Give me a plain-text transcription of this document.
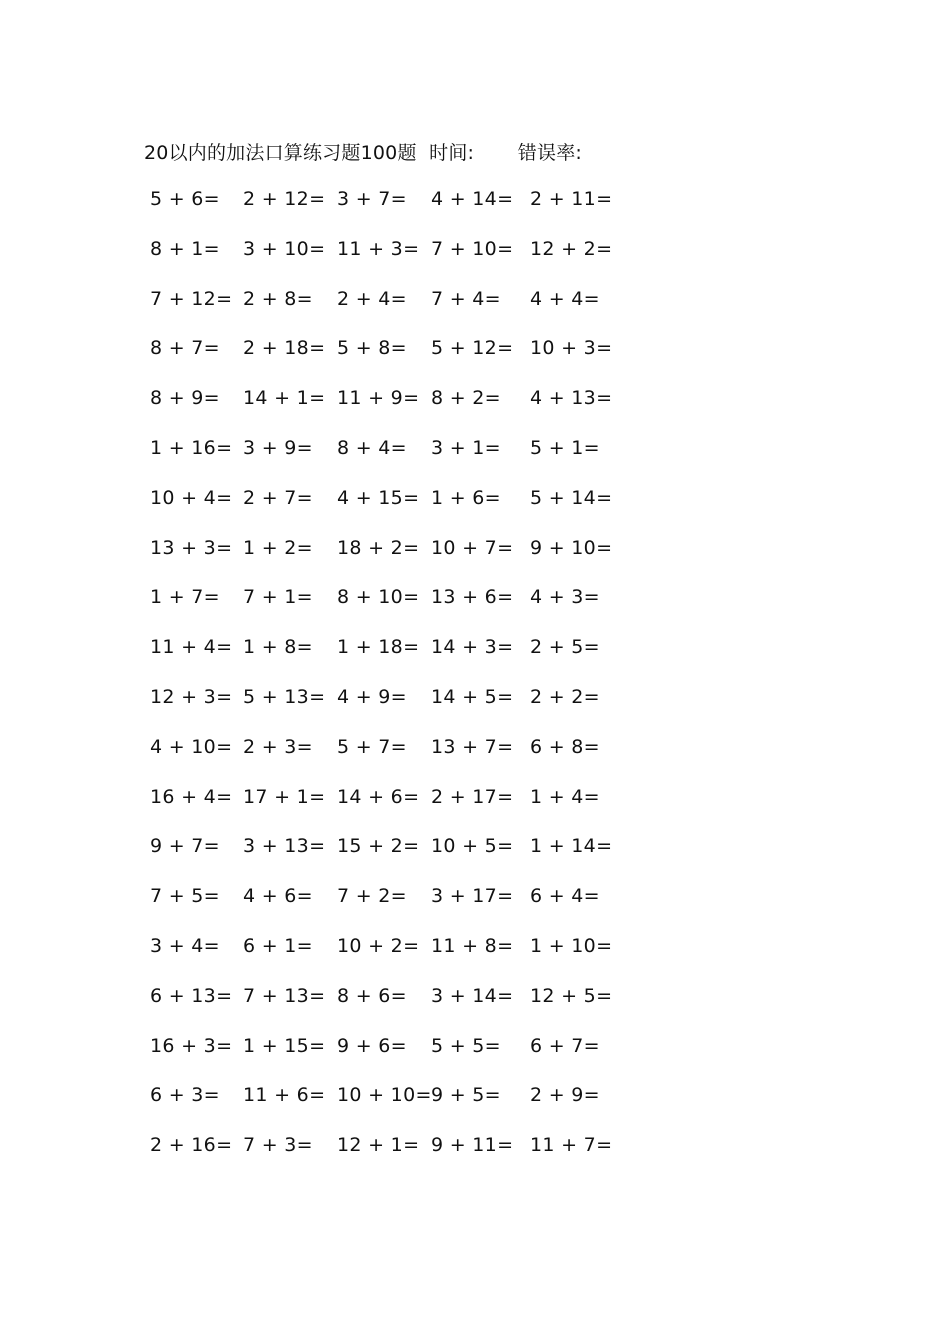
20以内的加法口算练习题100题  时间:       错误率:
5 + 6= 2 + 12= 3 + 7= 4 + 14= 2 + 11=
8 + 1= 3 + 10= 11 + 3= 7 + 10= 12 + 2=
7 + 12= 2 + 8= 2 + 4= 7 + 4= 4 + 4=
8 + 7= 2 + 18= 5 + 8= 5 + 12= 10 + 3=
8 + 9= 14 + 1= 11 + 9= 8 + 2= 4 + 13=
1 + 16= 3 + 9= 8 + 4= 3 + 1= 5 + 1=
10 + 4= 2 + 7= 4 + 15= 1 + 6= 5 + 14=
13 + 3= 1 + 2= 18 + 2= 10 + 7= 9 + 10=
1 + 7= 7 + 1= 8 + 10= 13 + 6= 4 + 3=
11 + 4= 1 + 8= 1 + 18= 14 + 3= 2 + 5=
12 + 3= 5 + 13= 4 + 9= 14 + 5= 2 + 2=
4 + 10= 2 + 3= 5 + 7= 13 + 7= 6 + 8=
16 + 4= 17 + 1= 14 + 6= 2 + 17= 1 + 4=
9 + 7= 3 + 13= 15 + 2= 10 + 5= 1 + 14=
7 + 5= 4 + 6= 7 + 2= 3 + 17= 6 + 4=
3 + 4= 6 + 1= 10 + 2= 11 + 8= 1 + 10=
6 + 13= 7 + 13= 8 + 6= 3 + 14= 12 + 5=
16 + 3= 1 + 15= 9 + 6= 5 + 5= 6 + 7=
6 + 3= 11 + 6= 10 + 10= 9 + 5= 2 + 9=
2 + 16= 7 + 3= 12 + 1= 9 + 11= 11 + 7=
